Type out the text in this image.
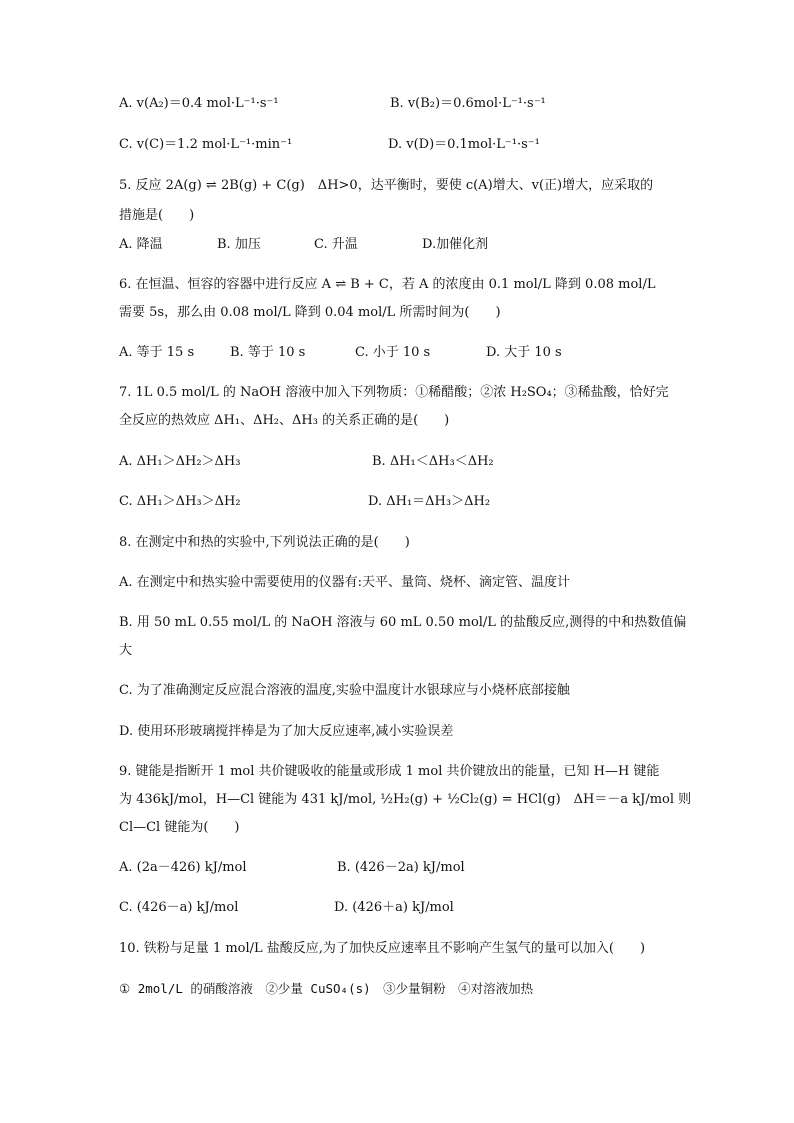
A. v(A₂)＝0.4 mol·L⁻¹·s⁻¹	B. v(B₂)＝0.6mol·L⁻¹·s⁻¹
C. v(C)＝1.2 mol·L⁻¹·min⁻¹	D. v(D)＝0.1mol·L⁻¹·s⁻¹
5. 反应 2A(g) ⇌ 2B(g) + C(g)　ΔH>0，达平衡时，要使 c(A)增大、v(正)增大，应采取的
措施是(　　)
A. 降温	B. 加压	C. 升温	D.加催化剂
6. 在恒温、恒容的容器中进行反应 A ⇌ B + C，若 A 的浓度由 0.1 mol/L 降到 0.08 mol/L
需要 5s，那么由 0.08 mol/L 降到 0.04 mol/L 所需时间为(　　)
A. 等于 15 s	B. 等于 10 s	C. 小于 10 s	D. 大于 10 s
7. 1L 0.5 mol/L 的 NaOH 溶液中加入下列物质：①稀醋酸；②浓 H₂SO₄；③稀盐酸，恰好完
全反应的热效应 ΔH₁、ΔH₂、ΔH₃ 的关系正确的是(　　)
A. ΔH₁＞ΔH₂＞ΔH₃	B. ΔH₁＜ΔH₃＜ΔH₂
C. ΔH₁＞ΔH₃＞ΔH₂	D. ΔH₁＝ΔH₃＞ΔH₂
8. 在测定中和热的实验中,下列说法正确的是(　　)
A. 在测定中和热实验中需要使用的仪器有:天平、量筒、烧杯、滴定管、温度计
B. 用 50 mL 0.55 mol/L 的 NaOH 溶液与 60 mL 0.50 mol/L 的盐酸反应,测得的中和热数值偏
大
C. 为了准确测定反应混合溶液的温度,实验中温度计水银球应与小烧杯底部接触
D. 使用环形玻璃搅拌棒是为了加大反应速率,减小实验误差
9. 键能是指断开 1 mol 共价键吸收的能量或形成 1 mol 共价键放出的能量，已知 H—H 键能
为 436kJ/mol，H—Cl 键能为 431 kJ/mol, ½H₂(g) + ½Cl₂(g) = HCl(g)　ΔH＝－a kJ/mol 则
Cl—Cl 键能为(　　)
A. (2a－426) kJ/mol	B. (426－2a) kJ/mol
C. (426－a) kJ/mol	D. (426＋a) kJ/mol
10. 铁粉与足量 1 mol/L 盐酸反应,为了加快反应速率且不影响产生氢气的量可以加入(　　)
① 2mol/L 的硝酸溶液　②少量 CuSO₄(s)　③少量铜粉　④对溶液加热
